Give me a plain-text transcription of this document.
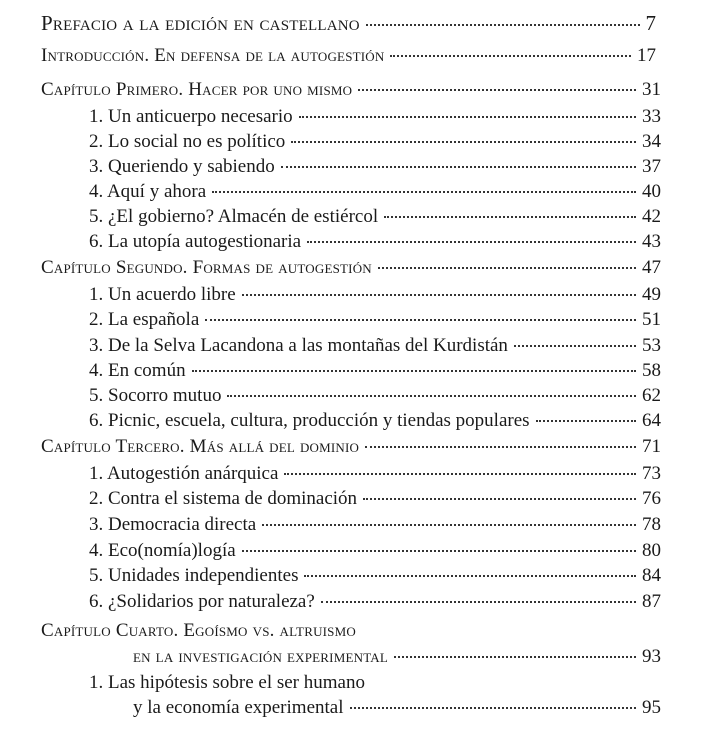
Prefacio a la edición en castellano	7
Introducción. En defensa de la autogestión	17
Capítulo Primero. Hacer por uno mismo	31
1. Un anticuerpo necesario	33
2. Lo social no es político	34
3. Queriendo y sabiendo	37
4. Aquí y ahora	40
5. ¿El gobierno? Almacén de estiércol	42
6. La utopía autogestionaria	43
Capítulo Segundo. Formas de autogestión	47
1. Un acuerdo libre	49
2. La española	51
3. De la Selva Lacandona a las montañas del Kurdistán	53
4. En común	58
5. Socorro mutuo	62
6. Picnic, escuela, cultura, producción y tiendas populares	64
Capítulo Tercero. Más allá del dominio	71
1. Autogestión anárquica	73
2. Contra el sistema de dominación	76
3. Democracia directa	78
4. Eco(nomía)logía	80
5. Unidades independientes	84
6. ¿Solidarios por naturaleza?	87
Capítulo Cuarto. Egoísmo vs. altruismo
en la investigación experimental	93
1. Las hipótesis sobre el ser humano
y la economía experimental	95
